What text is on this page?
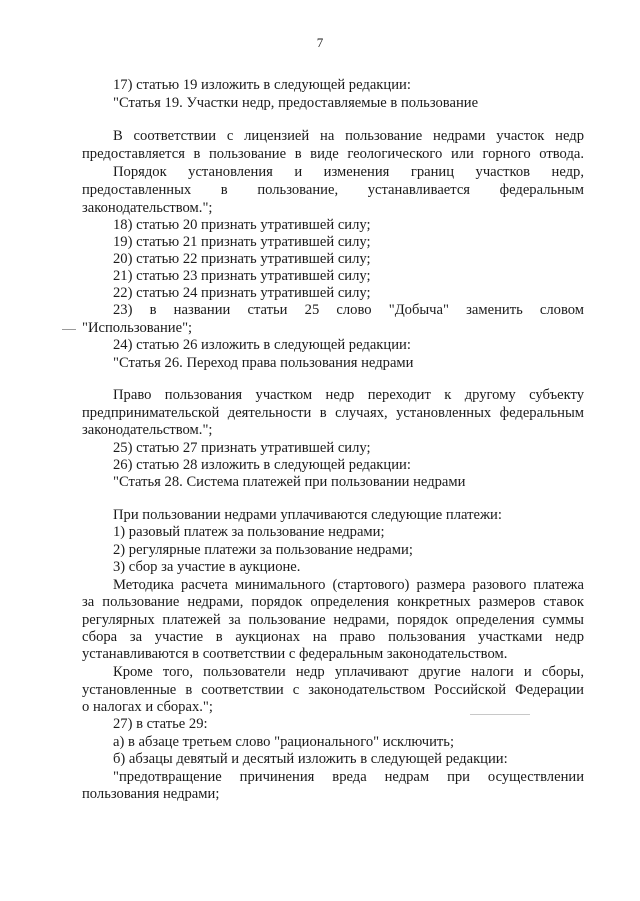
7
17) статью 19 изложить в следующей редакции:
"Статья 19. Участки недр, предоставляемые в пользование
В соответствии с лицензией на пользование недрами участок недр
предоставляется в пользование в виде геологического или горного отвода.
Порядок установления и изменения границ участков недр,
предоставленных в пользование, устанавливается федеральным
законодательством.";
18) статью 20 признать утратившей силу;
19) статью 21 признать утратившей силу;
20) статью 22 признать утратившей силу;
21) статью 23 признать утратившей силу;
22) статью 24 признать утратившей силу;
23) в названии статьи 25 слово "Добыча" заменить словом
"Использование";
24) статью 26 изложить в следующей редакции:
"Статья 26. Переход права пользования недрами
Право пользования участком недр переходит к другому субъекту
предпринимательской деятельности в случаях, установленных федеральным
законодательством.";
25) статью 27 признать утратившей силу;
26) статью 28 изложить в следующей редакции:
"Статья 28. Система платежей при пользовании недрами
При пользовании недрами уплачиваются следующие платежи:
1) разовый платеж за пользование недрами;
2) регулярные платежи за пользование недрами;
3) сбор за участие в аукционе.
Методика расчета минимального (стартового) размера разового платежа
за пользование недрами, порядок определения конкретных размеров ставок
регулярных платежей за пользование недрами, порядок определения суммы
сбора за участие в аукционах на право пользования участками недр
устанавливаются в соответствии с федеральным законодательством.
Кроме того, пользователи недр уплачивают другие налоги и сборы,
установленные в соответствии с законодательством Российской Федерации
о налогах и сборах.";
27) в статье 29:
а) в абзаце третьем слово "рационального" исключить;
б) абзацы девятый и десятый изложить в следующей редакции:
"предотвращение причинения вреда недрам при осуществлении
пользования недрами;
